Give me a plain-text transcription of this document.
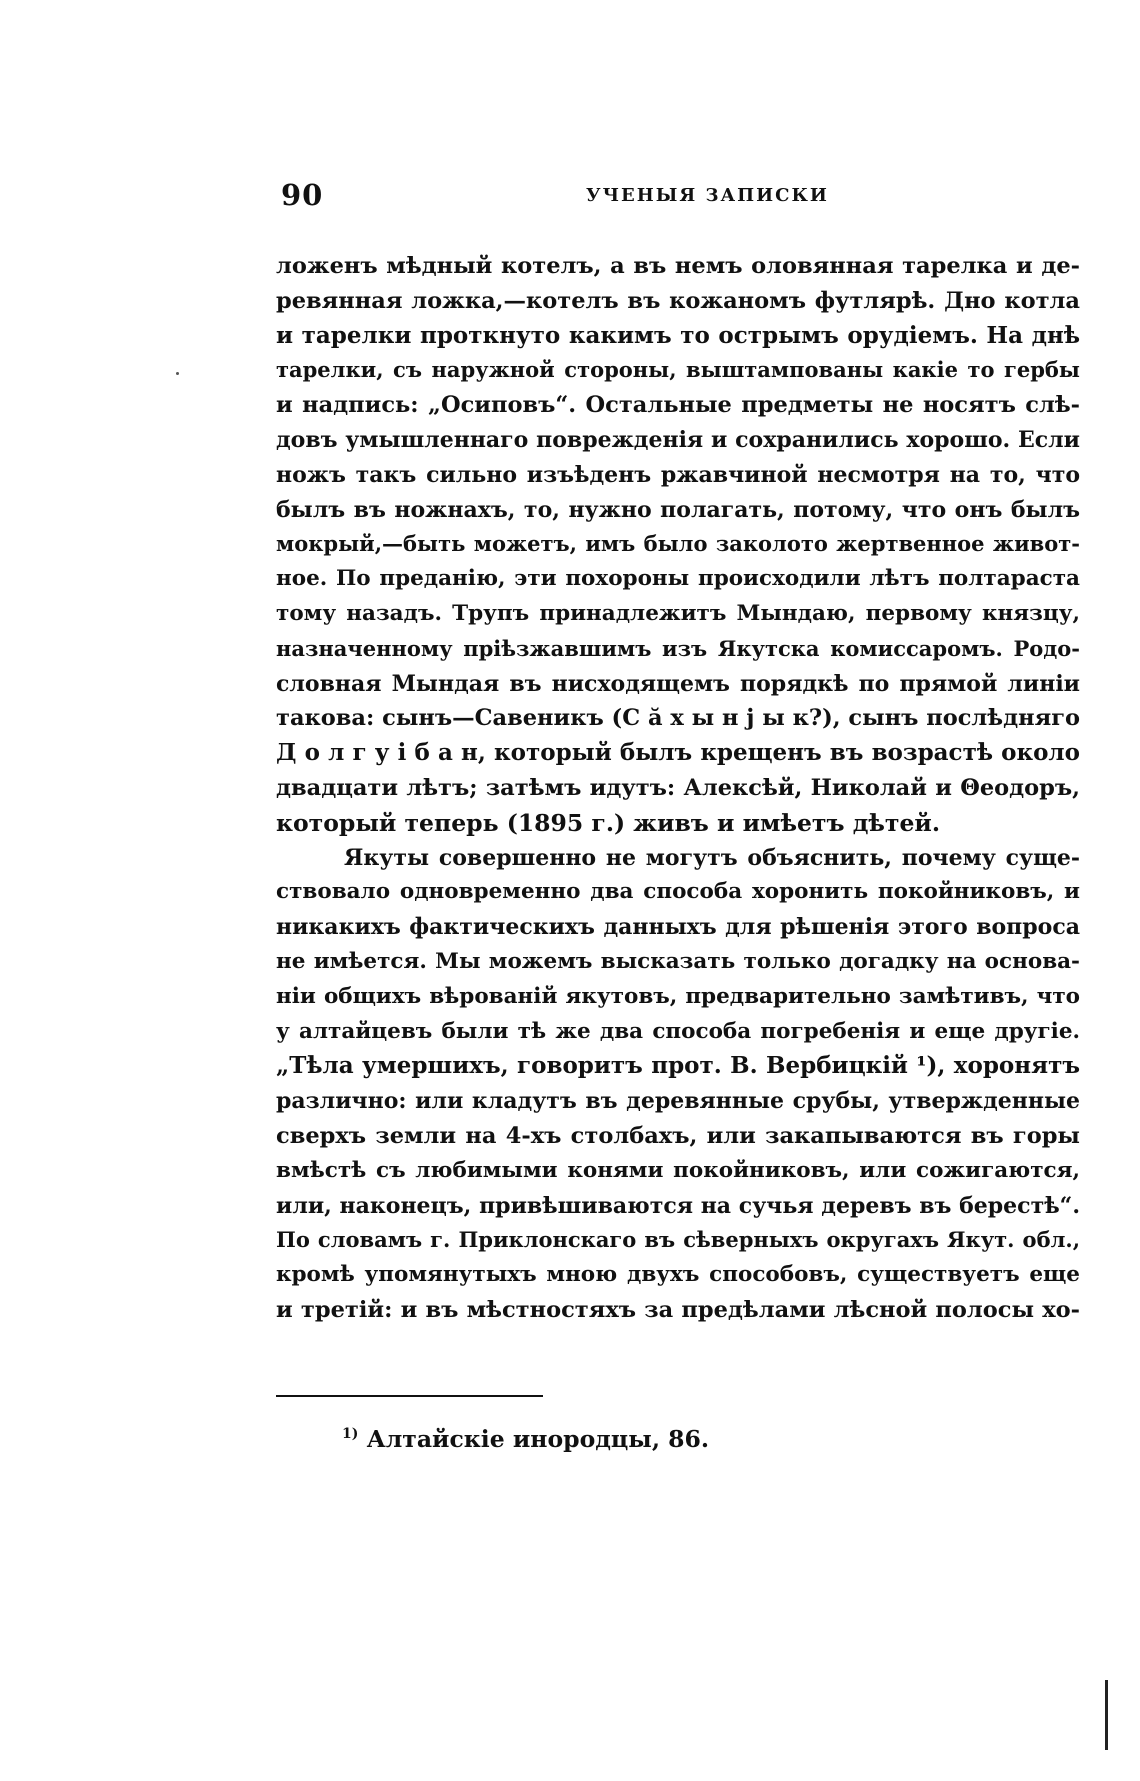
90	УЧЕНЫЯ ЗАПИСКИ
ложенъ мѣдный котелъ, а въ немъ оловянная тарелка и де-
ревянная ложка,—котелъ въ кожаномъ футлярѣ. Дно котла
и тарелки проткнуто какимъ то острымъ орудіемъ. На днѣ
тарелки, съ наружной стороны, выштампованы какіе то гербы
и надпись: „Осиповъ“. Остальные предметы не носятъ слѣ-
довъ умышленнаго поврежденія и сохранились хорошо. Если
ножъ такъ сильно изъѣденъ ржавчиной несмотря на то, что
былъ въ ножнахъ, то, нужно полагать, потому, что онъ былъ
мокрый,—быть можетъ, имъ было заколото жертвенное живот-
ное. По преданію, эти похороны происходили лѣтъ полтараста
тому назадъ. Трупъ принадлежитъ Мындаю, первому князцу,
назначенному пріѣзжавшимъ изъ Якутска комиссаромъ. Родо-
словная Мындая въ нисходящемъ порядкѣ по прямой линіи
такова: сынъ—Савеникъ (С ă х ы н ј ы к?), сынъ послѣдняго
Д о л г у і б а н, который былъ крещенъ въ возрастѣ около
двадцати лѣтъ; затѣмъ идутъ: Алексѣй, Николай и Θеодоръ,
который теперь (1895 г.) живъ и имѣетъ дѣтей.
Якуты совершенно не могутъ объяснить, почему суще-
ствовало одновременно два способа хоронить покойниковъ, и
никакихъ фактическихъ данныхъ для рѣшенія этого вопроса
не имѣется. Мы можемъ высказать только догадку на основа-
ніи общихъ вѣрованій якутовъ, предварительно замѣтивъ, что
у алтайцевъ были тѣ же два способа погребенія и еще другіе.
„Тѣла умершихъ, говоритъ прот. В. Вербицкій ¹), хоронятъ
различно: или кладутъ въ деревянные срубы, утвержденные
сверхъ земли на 4-хъ столбахъ, или закапываются въ горы
вмѣстѣ съ любимыми конями покойниковъ, или сожигаются,
или, наконецъ, привѣшиваются на сучья деревъ въ берестѣ“.
По словамъ г. Приклонскаго въ сѣверныхъ округахъ Якут. обл.,
кромѣ упомянутыхъ мною двухъ способовъ, существуетъ еще
и третій: и въ мѣстностяхъ за предѣлами лѣсной полосы хо-
$^{1)}$ Алтайскіе инородцы, 86.
